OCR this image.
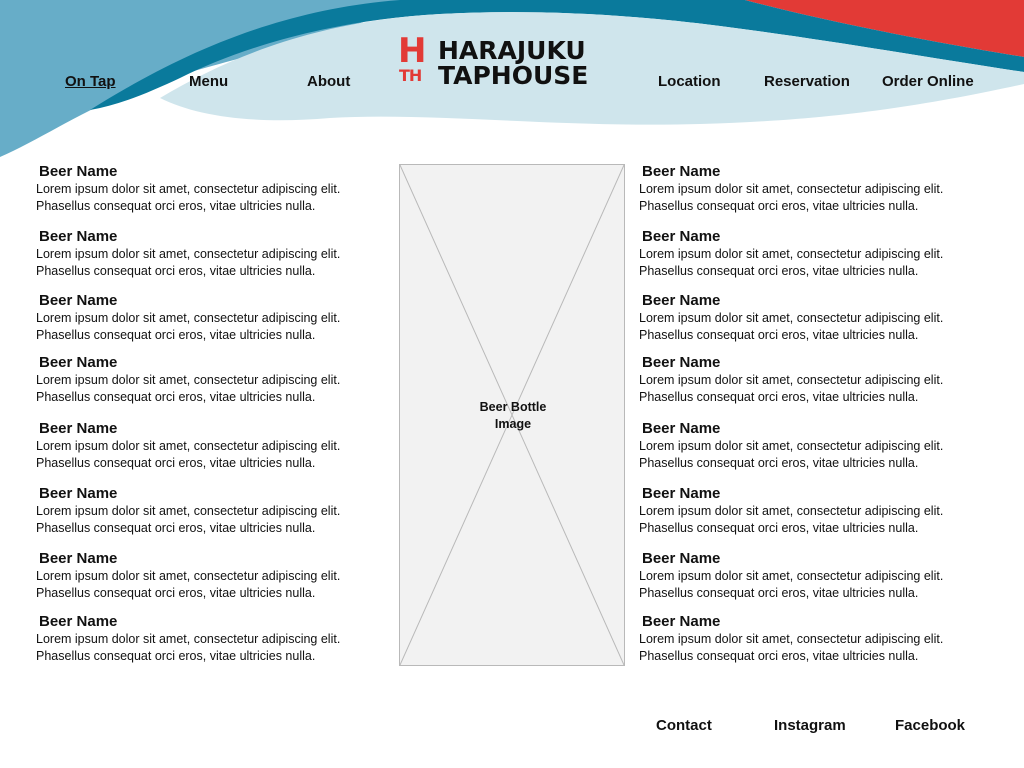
On Tap	Menu	About	Location	Reservation Order Online
H
TH
HARAJUKU
TAPHOUSE
Beer Name
Lorem ipsum dolor sit amet, consectetur adipiscing elit.
Phasellus consequat orci eros, vitae ultricies nulla.
Beer Name
Lorem ipsum dolor sit amet, consectetur adipiscing elit.
Phasellus consequat orci eros, vitae ultricies nulla.
Beer Name
Lorem ipsum dolor sit amet, consectetur adipiscing elit.
Phasellus consequat orci eros, vitae ultricies nulla.
Beer Name
Lorem ipsum dolor sit amet, consectetur adipiscing elit.
Phasellus consequat orci eros, vitae ultricies nulla.
Beer Name
Lorem ipsum dolor sit amet, consectetur adipiscing elit.
Phasellus consequat orci eros, vitae ultricies nulla.
Beer Name
Lorem ipsum dolor sit amet, consectetur adipiscing elit.
Phasellus consequat orci eros, vitae ultricies nulla.
Beer Name
Lorem ipsum dolor sit amet, consectetur adipiscing elit.
Phasellus consequat orci eros, vitae ultricies nulla.
Beer Name
Lorem ipsum dolor sit amet, consectetur adipiscing elit.
Phasellus consequat orci eros, vitae ultricies nulla.
Beer Bottle
Image
Beer Name
Lorem ipsum dolor sit amet, consectetur adipiscing elit.
Phasellus consequat orci eros, vitae ultricies nulla.
Beer Name
Lorem ipsum dolor sit amet, consectetur adipiscing elit.
Phasellus consequat orci eros, vitae ultricies nulla.
Beer Name
Lorem ipsum dolor sit amet, consectetur adipiscing elit.
Phasellus consequat orci eros, vitae ultricies nulla.
Beer Name
Lorem ipsum dolor sit amet, consectetur adipiscing elit.
Phasellus consequat orci eros, vitae ultricies nulla.
Beer Name
Lorem ipsum dolor sit amet, consectetur adipiscing elit.
Phasellus consequat orci eros, vitae ultricies nulla.
Beer Name
Lorem ipsum dolor sit amet, consectetur adipiscing elit.
Phasellus consequat orci eros, vitae ultricies nulla.
Beer Name
Lorem ipsum dolor sit amet, consectetur adipiscing elit.
Phasellus consequat orci eros, vitae ultricies nulla.
Beer Name
Lorem ipsum dolor sit amet, consectetur adipiscing elit.
Phasellus consequat orci eros, vitae ultricies nulla.
Contact	Instagram	Facebook
